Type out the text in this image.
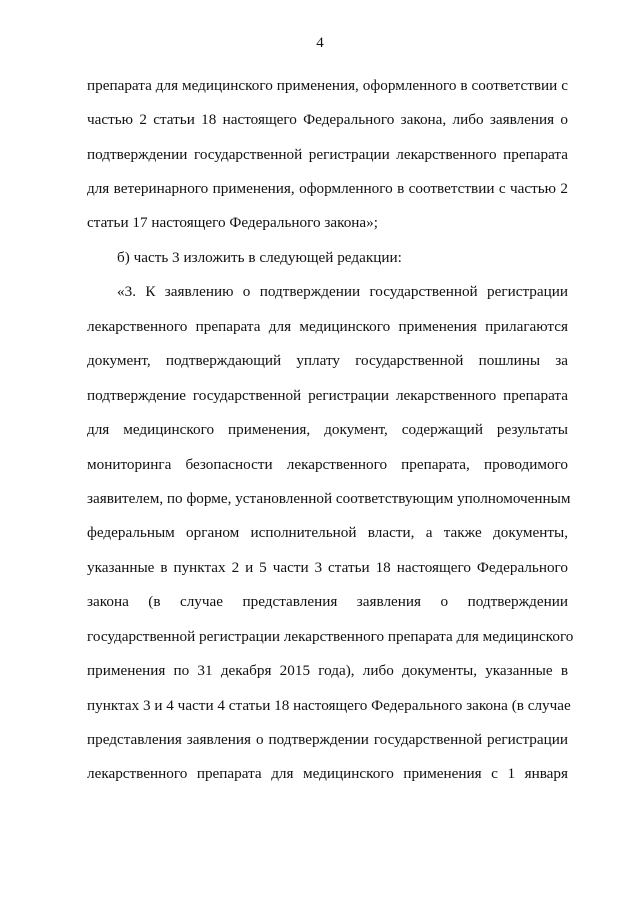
4
препарата для медицинского применения, оформленного в соответствии с
частью 2 статьи 18 настоящего Федерального закона, либо заявления о
подтверждении государственной регистрации лекарственного препарата
для ветеринарного применения, оформленного в соответствии с частью 2
статьи 17 настоящего Федерального закона»;
б) часть 3 изложить в следующей редакции:
«3. К заявлению о подтверждении государственной регистрации
лекарственного препарата для медицинского применения прилагаются
документ, подтверждающий уплату государственной пошлины за
подтверждение государственной регистрации лекарственного препарата
для медицинского применения, документ, содержащий результаты
мониторинга безопасности лекарственного препарата, проводимого
заявителем, по форме, установленной соответствующим уполномоченным
федеральным органом исполнительной власти, а также документы,
указанные в пунктах 2 и 5 части 3 статьи 18 настоящего Федерального
закона (в случае представления заявления о подтверждении
государственной регистрации лекарственного препарата для медицинского
применения по 31 декабря 2015 года), либо документы, указанные в
пунктах 3 и 4 части 4 статьи 18 настоящего Федерального закона (в случае
представления заявления о подтверждении государственной регистрации
лекарственного препарата для медицинского применения с 1 января
